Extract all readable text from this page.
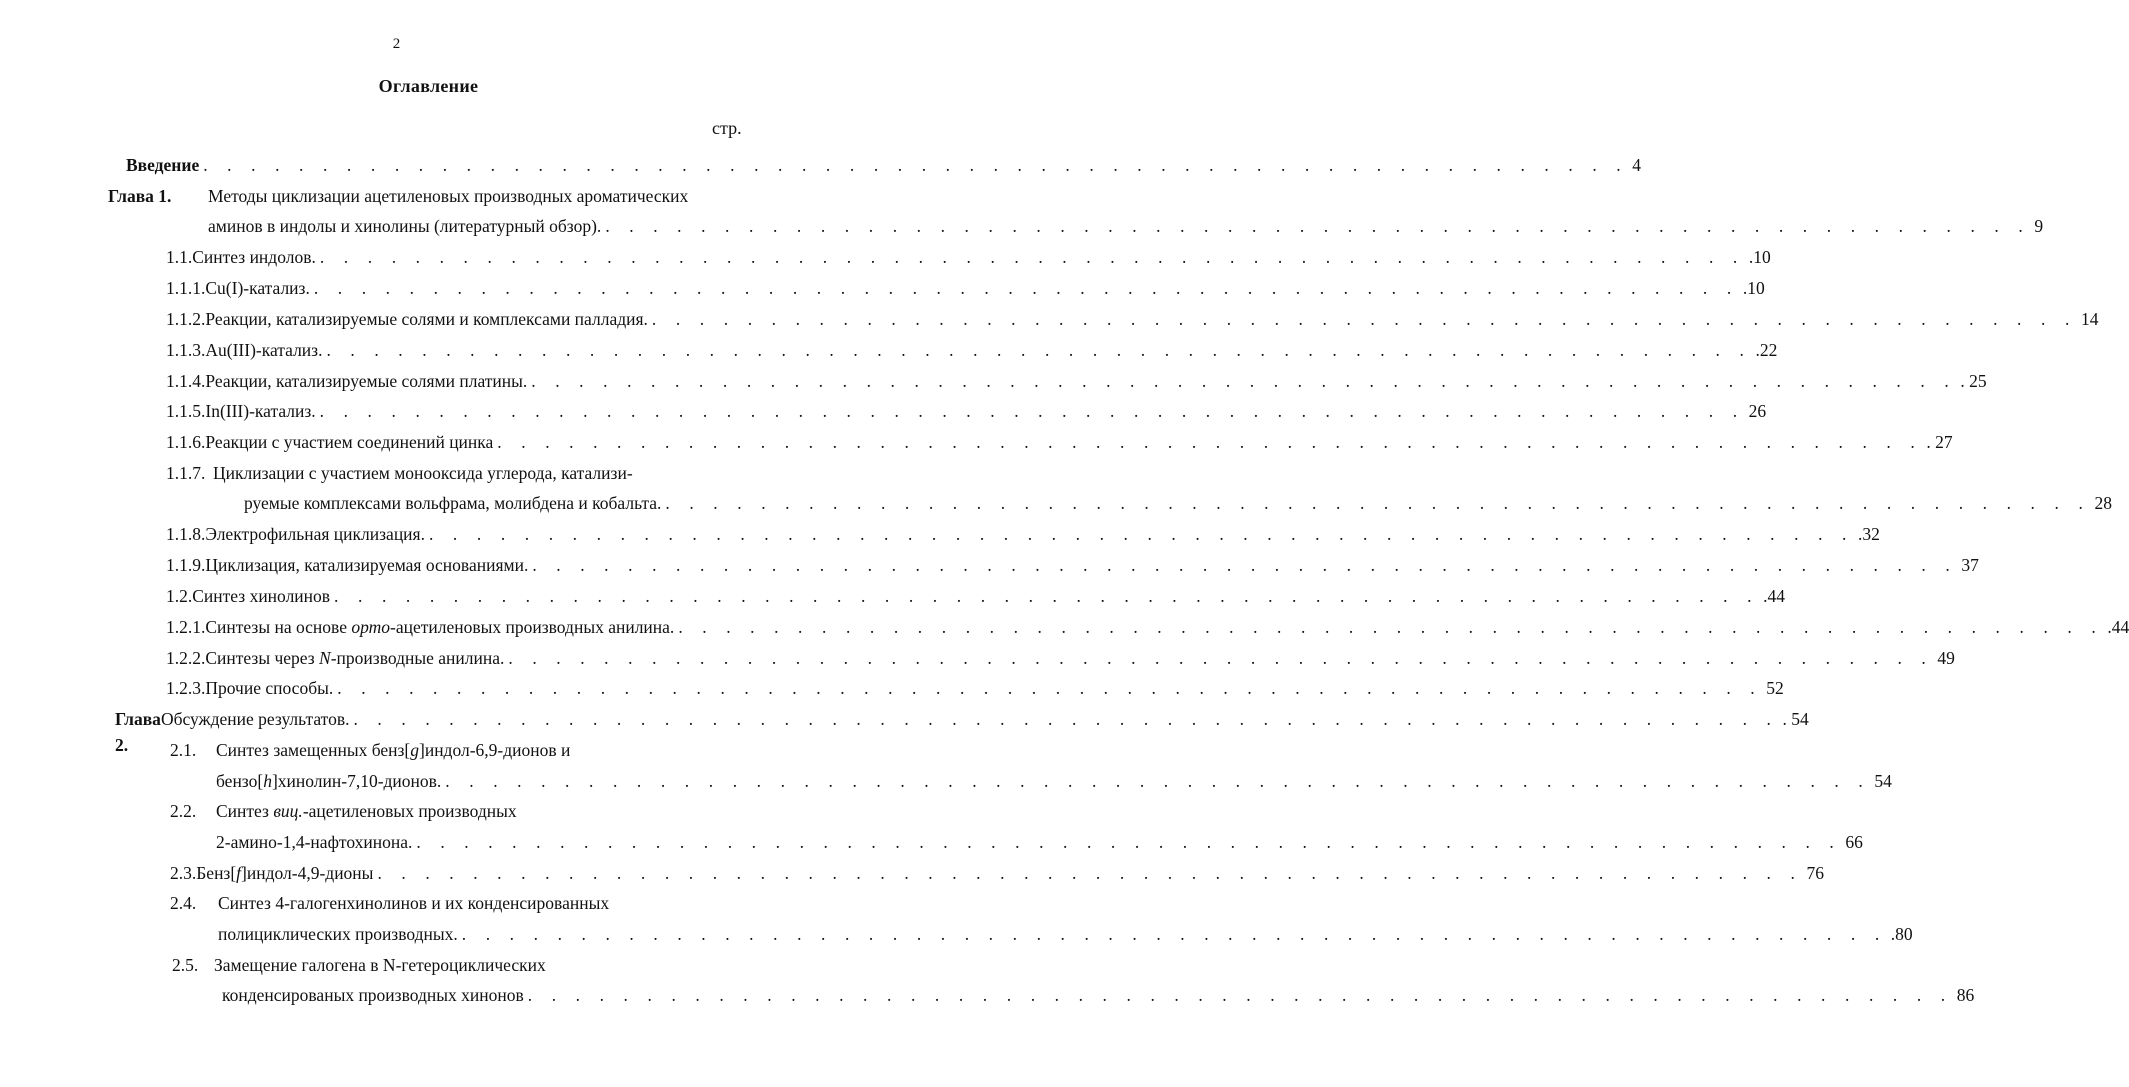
2
Оглавление
стр.
Введение . . . . . . . . . . . . . . . . . . . . . . . . . . . . . . . . . . . . . . . . . . . . . . . . . . . . . . . . . . . . 4
Глава 1.	Методы циклизации ацетиленовых производных ароматических
аминов в индолы и хинолины (литературный обзор). . . . . . . . . . . . . . . . . . . . . . . . . . . . . . . . . . . . . . . . . . . . . . . . . . . . . . . . . . . . . 9
1.1. Синтез индолов. . . . . . . . . . . . . . . . . . . . . . . . . . . . . . . . . . . . . . . . . . . . . . . . . . . . . . . . . . . . . .10
1.1.1. Cu(I)-катализ. . . . . . . . . . . . . . . . . . . . . . . . . . . . . . . . . . . . . . . . . . . . . . . . . . . . . . . . . . . . . .10
1.1.2. Реакции, катализируемые солями и комплексами палладия. . . . . . . . . . . . . . . . . . . . . . . . . . . . . . . . . . . . . . . . . . . . . . . . . . . . . . . . . . . . . 14
1.1.3. Au(III)-катализ. . . . . . . . . . . . . . . . . . . . . . . . . . . . . . . . . . . . . . . . . . . . . . . . . . . . . . . . . . . . . .22
1.1.4. Реакции, катализируемые солями платины. . . . . . . . . . . . . . . . . . . . . . . . . . . . . . . . . . . . . . . . . . . . . . . . . . . . . . . . . . . . . . 25
1.1.5. In(III)-катализ. . . . . . . . . . . . . . . . . . . . . . . . . . . . . . . . . . . . . . . . . . . . . . . . . . . . . . . . . . . . . 26
1.1.6. Реакции с участием соединений цинка . . . . . . . . . . . . . . . . . . . . . . . . . . . . . . . . . . . . . . . . . . . . . . . . . . . . . . . . . . . . . 27
1.1.7. Циклизации с участием монооксида углерода, катализи-
руемые комплексами вольфрама, молибдена и кобальта. . . . . . . . . . . . . . . . . . . . . . . . . . . . . . . . . . . . . . . . . . . . . . . . . . . . . . . . . . . . . 28
1.1.8. Электрофильная циклизация. . . . . . . . . . . . . . . . . . . . . . . . . . . . . . . . . . . . . . . . . . . . . . . . . . . . . . . . . . . . . .32
1.1.9. Циклизация, катализируемая основаниями. . . . . . . . . . . . . . . . . . . . . . . . . . . . . . . . . . . . . . . . . . . . . . . . . . . . . . . . . . . . . 37
1.2. Синтез хинолинов . . . . . . . . . . . . . . . . . . . . . . . . . . . . . . . . . . . . . . . . . . . . . . . . . . . . . . . . . . . . .44
1.2.1. Синтезы на основе орто-ацетиленовых производных анилина. . . . . . . . . . . . . . . . . . . . . . . . . . . . . . . . . . . . . . . . . . . . . . . . . . . . . . . . . . . . . .44
1.2.2. Синтезы через N-производные анилина. . . . . . . . . . . . . . . . . . . . . . . . . . . . . . . . . . . . . . . . . . . . . . . . . . . . . . . . . . . . . 49
1.2.3. Прочие способы. . . . . . . . . . . . . . . . . . . . . . . . . . . . . . . . . . . . . . . . . . . . . . . . . . . . . . . . . . . . . 52
Глава 2.
Обсуждение результатов. . . . . . . . . . . . . . . . . . . . . . . . . . . . . . . . . . . . . . . . . . . . . . . . . . . . . . . . . . . . . . 54
2.1.	Синтез замещенных бенз[g]индол-6,9-дионов и
бензо[h]хинолин-7,10-дионов. . . . . . . . . . . . . . . . . . . . . . . . . . . . . . . . . . . . . . . . . . . . . . . . . . . . . . . . . . . . . 54
2.2.	Синтез виц.-ацетиленовых производных
2-амино-1,4-нафтохинона. . . . . . . . . . . . . . . . . . . . . . . . . . . . . . . . . . . . . . . . . . . . . . . . . . . . . . . . . . . . . 66
2.3. Бенз[f]индол-4,9-дионы . . . . . . . . . . . . . . . . . . . . . . . . . . . . . . . . . . . . . . . . . . . . . . . . . . . . . . . . . . . . 76
2.4.	Синтез 4-галогенхинолинов и их конденсированных
полициклических производных. . . . . . . . . . . . . . . . . . . . . . . . . . . . . . . . . . . . . . . . . . . . . . . . . . . . . . . . . . . . . .80
2.5. Замещение галогена в N-гетероциклических
конденсированых производных хинонов . . . . . . . . . . . . . . . . . . . . . . . . . . . . . . . . . . . . . . . . . . . . . . . . . . . . . . . . . . . . 86
